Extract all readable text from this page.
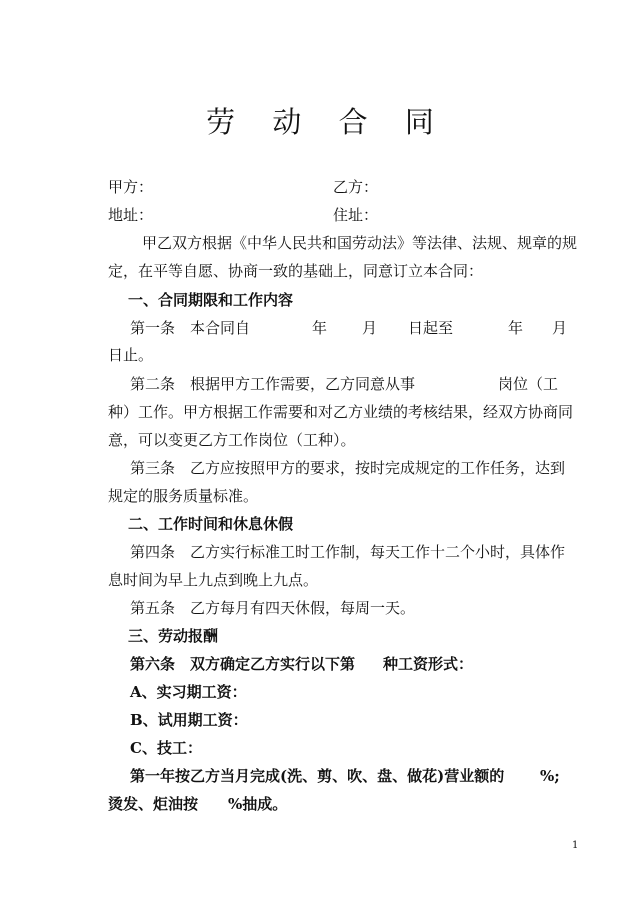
劳 动 合 同
甲方：	乙方：
地址：	住址：
甲乙双方根据《中华人民共和国劳动法》等法律、法规、规章的规
定，在平等自愿、协商一致的基础上，同意订立本合同：
一、合同期限和工作内容
第一条　本合同自	年 月 日起至	年 月
日止。
第二条　根据甲方工作需要，乙方同意从事	岗位（工
种）工作。甲方根据工作需要和对乙方业绩的考核结果，经双方协商同
意，可以变更乙方工作岗位（工种）。
第三条　乙方应按照甲方的要求，按时完成规定的工作任务，达到
规定的服务质量标准。
二、工作时间和休息休假
第四条　乙方实行标准工时工作制，每天工作十二个小时，具体作
息时间为早上九点到晚上九点。
第五条　乙方每月有四天休假，每周一天。
三、劳动报酬
第六条　双方确定乙方实行以下第 种工资形式：
A、实习期工资：
B、试用期工资：
C、技工：
第一年按乙方当月完成(洗、剪、吹、盘、做花)营业额的 %;
烫发、炬油按 %抽成。
1
